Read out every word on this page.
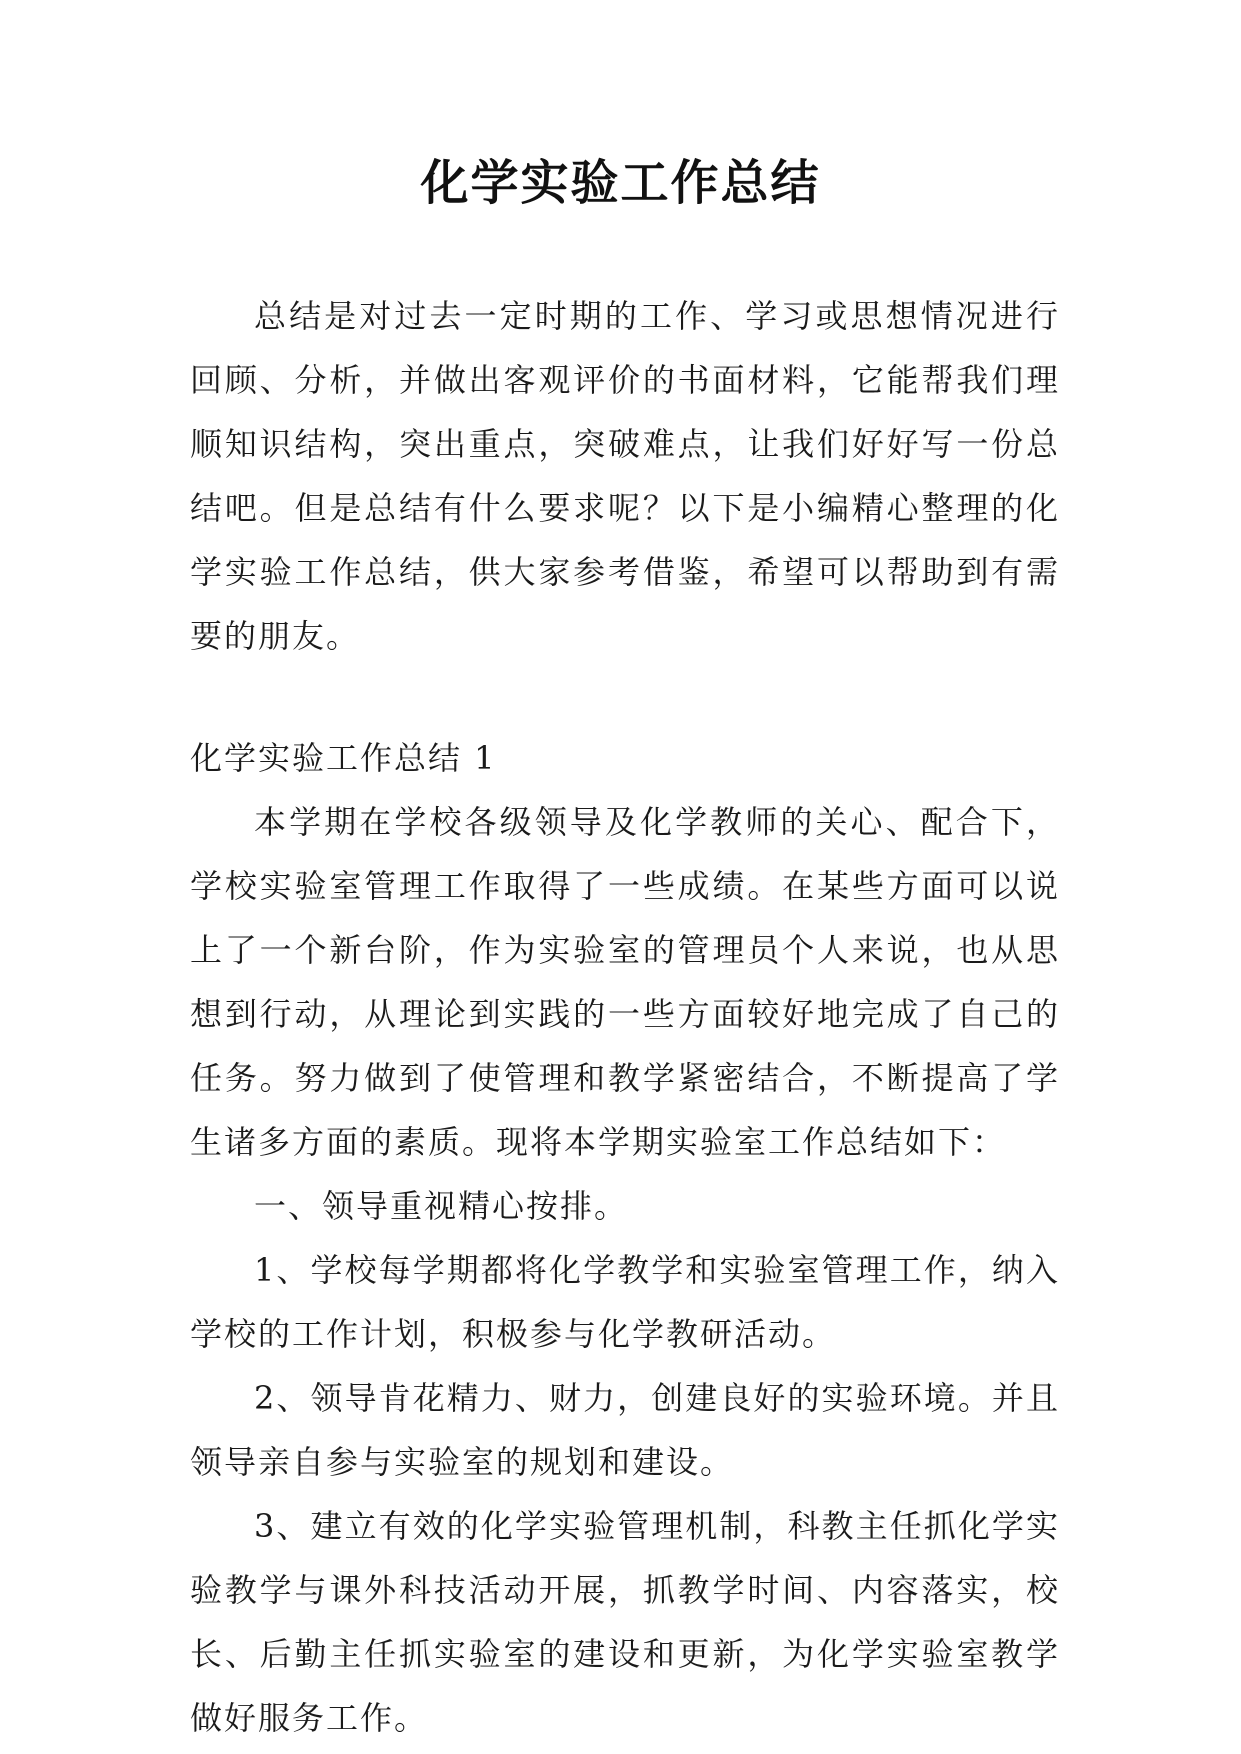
化学实验工作总结

总结是对过去一定时期的工作、学习或思想情况进行回顾、分析，并做出客观评价的书面材料，它能帮我们理顺知识结构，突出重点，突破难点，让我们好好写一份总结吧。但是总结有什么要求呢？以下是小编精心整理的化学实验工作总结，供大家参考借鉴，希望可以帮助到有需要的朋友。

化学实验工作总结 1

本学期在学校各级领导及化学教师的关心、配合下，学校实验室管理工作取得了一些成绩。在某些方面可以说上了一个新台阶，作为实验室的管理员个人来说，也从思想到行动，从理论到实践的一些方面较好地完成了自己的任务。努力做到了使管理和教学紧密结合，不断提高了学生诸多方面的素质。现将本学期实验室工作总结如下：

一、领导重视精心按排。

1、学校每学期都将化学教学和实验室管理工作，纳入学校的工作计划，积极参与化学教研活动。

2、领导肯花精力、财力，创建良好的实验环境。并且领导亲自参与实验室的规划和建设。

3、建立有效的化学实验管理机制，科教主任抓化学实验教学与课外科技活动开展，抓教学时间、内容落实，校长、后勤主任抓实验室的建设和更新，为化学实验室教学做好服务工作。
